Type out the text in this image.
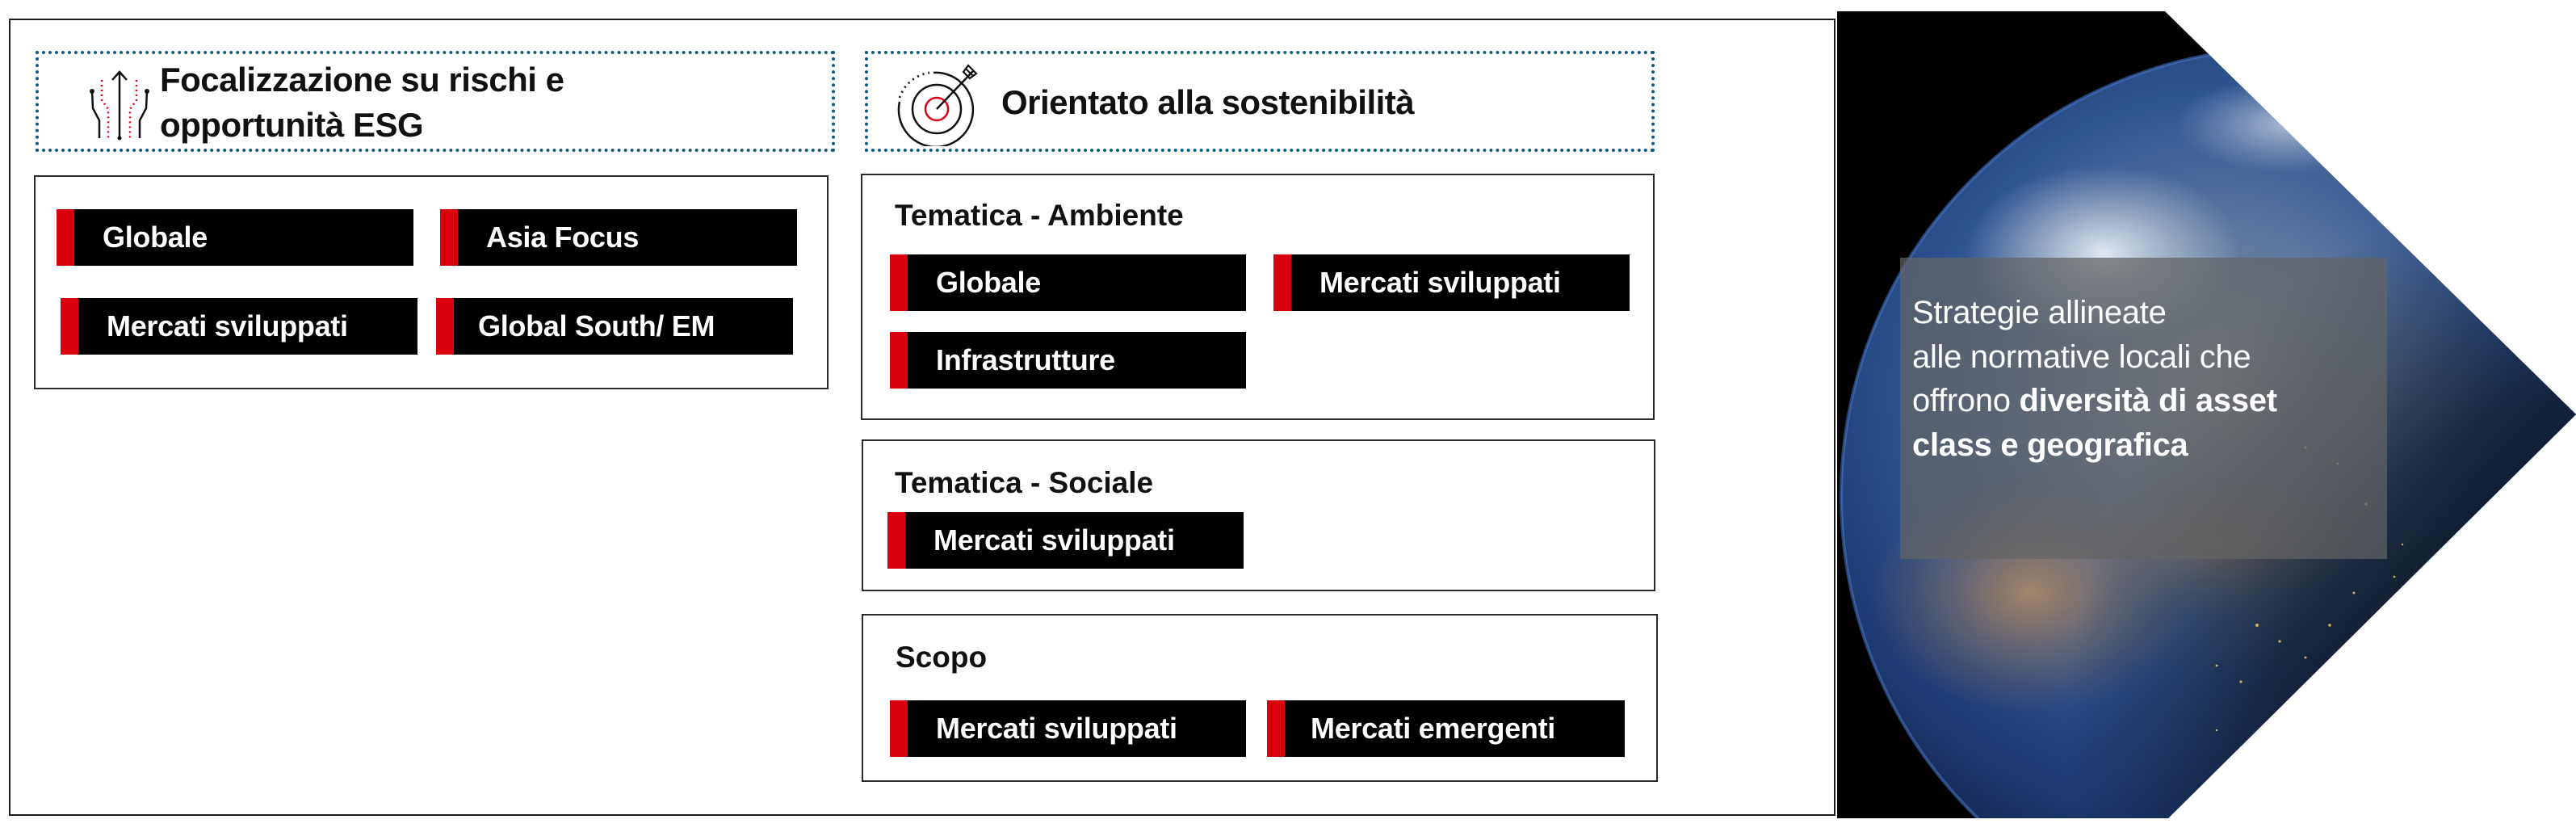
Focalizzazione su rischi e
opportunità ESG
Globale	Asia Focus
Mercati sviluppati	Global South/ EM
Orientato alla sostenibilità
Tematica - Ambiente
Globale	Mercati sviluppati
Infrastrutture
Tematica - Sociale
Mercati sviluppati
Scopo
Mercati sviluppati	Mercati emergenti
Strategie allineate
alle normative locali che
offrono diversità di asset
class e geografica
